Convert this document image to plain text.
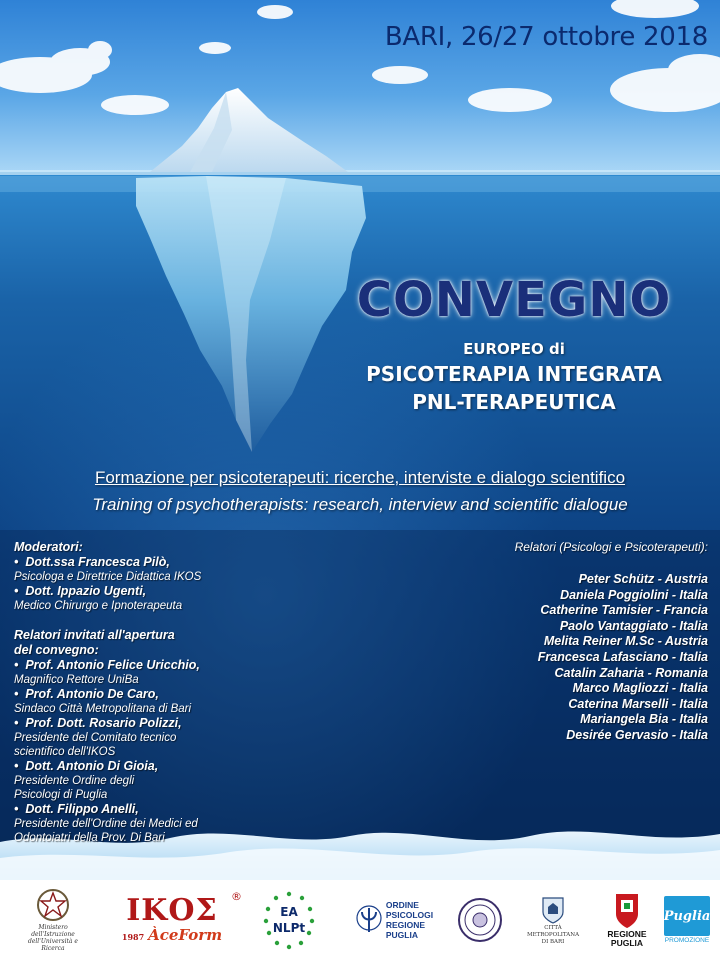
BARI, 26/27 ottobre 2018
CONVEGNO
EUROPEO di
PSICOTERAPIA INTEGRATA
PNL-TERAPEUTICA
Formazione per psicoterapeuti: ricerche, interviste e dialogo scientifico
Training of psychotherapists: research, interview and scientific dialogue
Moderatori:
•  Dott.ssa Francesca Pilò,
Psicologa e Direttrice Didattica IKOS
•  Dott. Ippazio Ugenti,
Medico Chirurgo e Ipnoterapeuta
Relatori invitati all'apertura
del convegno:
•  Prof. Antonio Felice Uricchio,
Magnifico Rettore UniBa
•  Prof. Antonio De Caro,
Sindaco Città Metropolitana di Bari
•  Prof. Dott. Rosario Polizzi,
Presidente del Comitato tecnico
scientifico dell'IKOS
•  Dott. Antonio Di Gioia,
Presidente Ordine degli
Psicologi di Puglia
•  Dott. Filippo Anelli,
Presidente dell'Ordine dei Medici ed
Odontoiatri della Prov. Di Bari
Relatori (Psicologi e Psicoterapeuti):
Peter Schütz - Austria
Daniela Poggiolini - Italia
Catherine Tamisier - Francia
Paolo Vantaggiato - Italia
Melita Reiner M.Sc - Austria
Francesca Lafasciano - Italia
Catalin Zaharia - Romania
Marco Magliozzi - Italia
Caterina Marselli - Italia
Mariangela Bia - Italia
Desirée Gervasio - Italia
Ministero dell'Istruzione
dell'Università e Ricerca
ΙΚΟΣ ®
1987 ÀceForm
EA
NLPt
ORDINE
PSICOLOGI
REGIONE
PUGLIA
CITTÀ METROPOLITANA
DI BARI
REGIONE
PUGLIA
Puglia
PROMOZIONE
